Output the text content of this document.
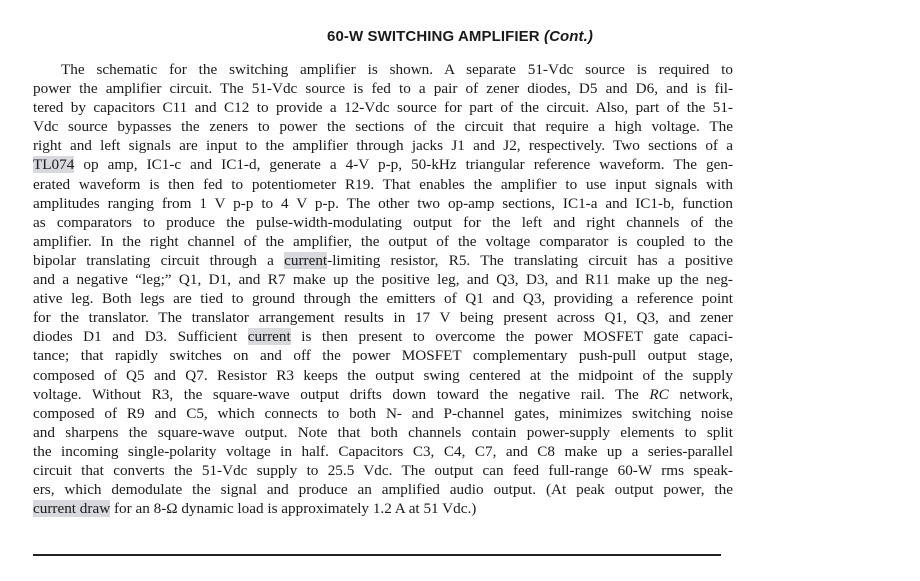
60-W SWITCHING AMPLIFIER (Cont.)
The schematic for the switching amplifier is shown. A separate 51-Vdc source is required to
power the amplifier circuit. The 51-Vdc source is fed to a pair of zener diodes, D5 and D6, and is fil-
tered by capacitors C11 and C12 to provide a 12-Vdc source for part of the circuit. Also, part of the 51-
Vdc source bypasses the zeners to power the sections of the circuit that require a high voltage. The
right and left signals are input to the amplifier through jacks J1 and J2, respectively. Two sections of a
TL074 op amp, IC1-c and IC1-d, generate a 4-V p-p, 50-kHz triangular reference waveform. The gen-
erated waveform is then fed to potentiometer R19. That enables the amplifier to use input signals with
amplitudes ranging from 1 V p-p to 4 V p-p. The other two op-amp sections, IC1-a and IC1-b, function
as comparators to produce the pulse-width-modulating output for the left and right channels of the
amplifier. In the right channel of the amplifier, the output of the voltage comparator is coupled to the
bipolar translating circuit through a current-limiting resistor, R5. The translating circuit has a positive
and a negative “leg;” Q1, D1, and R7 make up the positive leg, and Q3, D3, and R11 make up the neg-
ative leg. Both legs are tied to ground through the emitters of Q1 and Q3, providing a reference point
for the translator. The translator arrangement results in 17 V being present across Q1, Q3, and zener
diodes D1 and D3. Sufficient current is then present to overcome the power MOSFET gate capaci-
tance; that rapidly switches on and off the power MOSFET complementary push-pull output stage,
composed of Q5 and Q7. Resistor R3 keeps the output swing centered at the midpoint of the supply
voltage. Without R3, the square-wave output drifts down toward the negative rail. The RC network,
composed of R9 and C5, which connects to both N- and P-channel gates, minimizes switching noise
and sharpens the square-wave output. Note that both channels contain power-supply elements to split
the incoming single-polarity voltage in half. Capacitors C3, C4, C7, and C8 make up a series-parallel
circuit that converts the 51-Vdc supply to 25.5 Vdc. The output can feed full-range 60-W rms speak-
ers, which demodulate the signal and produce an amplified audio output. (At peak output power, the
current draw for an 8-Ω dynamic load is approximately 1.2 A at 51 Vdc.)
